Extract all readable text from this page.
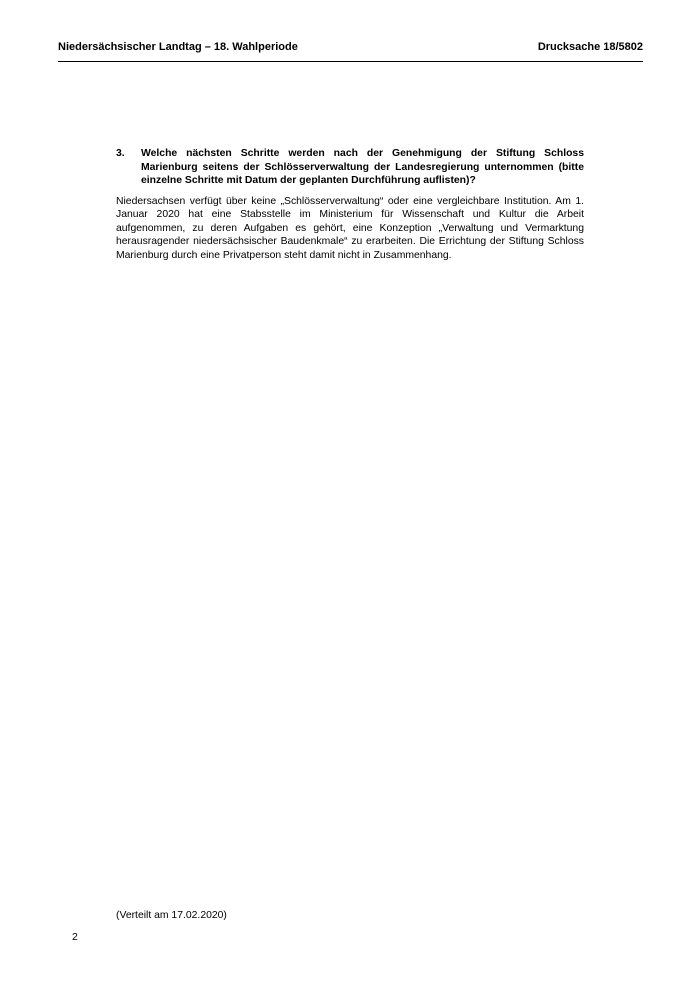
Niedersächsischer Landtag – 18. Wahlperiode	Drucksache 18/5802
3.	Welche nächsten Schritte werden nach der Genehmigung der Stiftung Schloss Marienburg seitens der Schlösserverwaltung der Landesregierung unternommen (bitte einzelne Schritte mit Datum der geplanten Durchführung auflisten)?

Niedersachsen verfügt über keine „Schlösserverwaltung“ oder eine vergleichbare Institution. Am 1. Januar 2020 hat eine Stabsstelle im Ministerium für Wissenschaft und Kultur die Arbeit aufgenommen, zu deren Aufgaben es gehört, eine Konzeption „Verwaltung und Vermarktung herausragender niedersächsischer Baudenkmale“ zu erarbeiten. Die Errichtung der Stiftung Schloss Marienburg durch eine Privatperson steht damit nicht in Zusammenhang.

(Verteilt am 17.02.2020)
2
